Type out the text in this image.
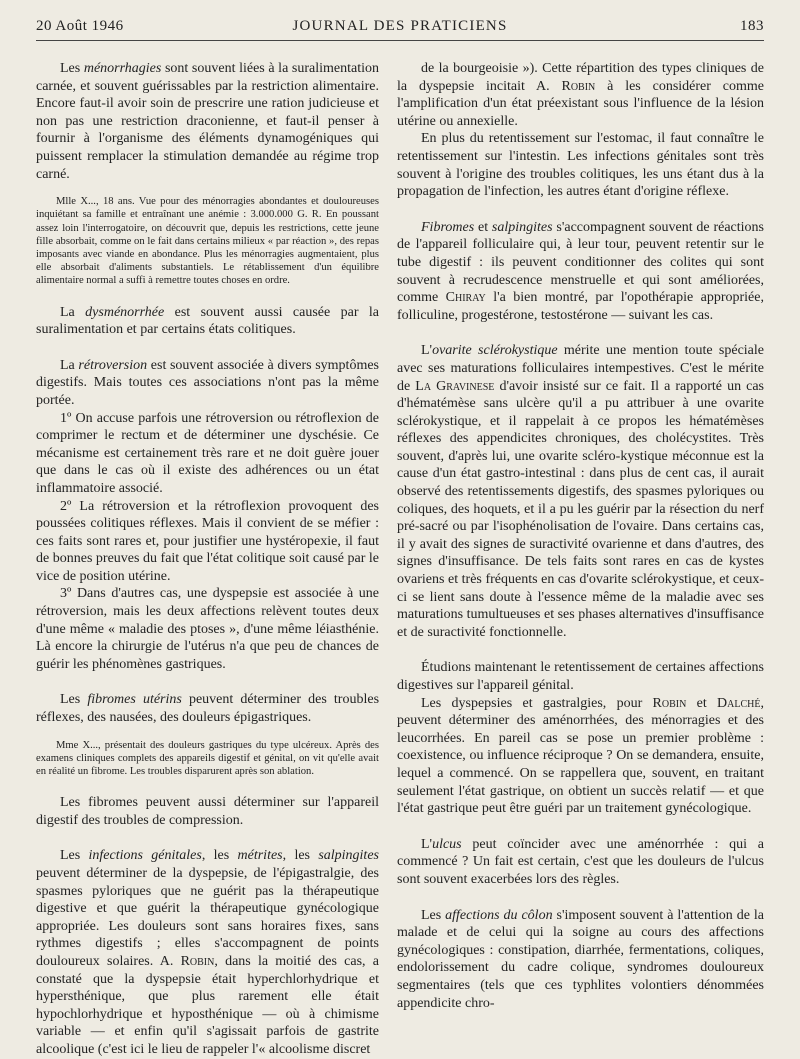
20 Août 1946	JOURNAL DES PRATICIENS	183

Les ménorrhagies sont souvent liées à la suralimentation carnée, et souvent guérissables par la restriction alimentaire. Encore faut-il avoir soin de prescrire une ration judicieuse et non pas une restriction draconienne, et faut-il penser à fournir à l'organisme des éléments dynamogéniques qui puissent remplacer la stimulation demandée au régime trop carné.

Mlle X..., 18 ans. Vue pour des ménorragies abondantes et douloureuses inquiétant sa famille et entraînant une anémie : 3.000.000 G. R. En poussant assez loin l'interrogatoire, on découvrit que, depuis les restrictions, cette jeune fille absorbait, comme on le fait dans certains milieux « par réaction », des repas imposants avec viande en abondance. Plus les ménorragies augmentaient, plus elle absorbait d'aliments substantiels. Le rétablissement d'un équilibre alimentaire normal a suffi à remettre toutes choses en ordre.

La dysménorrhée est souvent aussi causée par la suralimentation et par certains états colitiques.

La rétroversion est souvent associée à divers symptômes digestifs. Mais toutes ces associations n'ont pas la même portée.

1º On accuse parfois une rétroversion ou rétroflexion de comprimer le rectum et de déterminer une dyschésie. Ce mécanisme est certainement très rare et ne doit guère jouer que dans le cas où il existe des adhérences ou un état inflammatoire associé.

2º La rétroversion et la rétroflexion provoquent des poussées colitiques réflexes. Mais il convient de se méfier : ces faits sont rares et, pour justifier une hystéropexie, il faut de bonnes preuves du fait que l'état colitique soit causé par le vice de position utérine.

3º Dans d'autres cas, une dyspepsie est associée à une rétroversion, mais les deux affections relèvent toutes deux d'une même « maladie des ptoses », d'une même léiasthénie. Là encore la chirurgie de l'utérus n'a que peu de chances de guérir les phénomènes gastriques.

Les fibromes utérins peuvent déterminer des troubles réflexes, des nausées, des douleurs épigastriques.

Mme X..., présentait des douleurs gastriques du type ulcéreux. Après des examens cliniques complets des appareils digestif et génital, on vit qu'elle avait en réalité un fibrome. Les troubles disparurent après son ablation.

Les fibromes peuvent aussi déterminer sur l'appareil digestif des troubles de compression.

Les infections génitales, les métrites, les salpingites peuvent déterminer de la dyspepsie, de l'épigastralgie, des spasmes pyloriques que ne guérit pas la thérapeutique digestive et que guérit la thérapeutique gynécologique appropriée. Les douleurs sont sans horaires fixes, sans rythmes digestifs ; elles s'accompagnent de points douloureux solaires. A. Robin, dans la moitié des cas, a constaté que la dyspepsie était hyperchlorhydrique et hypersthénique, que plus rarement elle était hypochlorhydrique et hyposthénique — où à chimisme variable — et enfin qu'il s'agissait parfois de gastrite alcoolique (c'est ici le lieu de rappeler l'« alcoolisme discret

de la bourgeoisie »). Cette répartition des types cliniques de la dyspepsie incitait A. Robin à les considérer comme l'amplification d'un état préexistant sous l'influence de la lésion utérine ou annexielle.

En plus du retentissement sur l'estomac, il faut connaître le retentissement sur l'intestin. Les infections génitales sont très souvent à l'origine des troubles colitiques, les uns étant dus à la propagation de l'infection, les autres étant d'origine réflexe.

Fibromes et salpingites s'accompagnent souvent de réactions de l'appareil folliculaire qui, à leur tour, peuvent retentir sur le tube digestif : ils peuvent conditionner des colites qui sont souvent à recrudescence menstruelle et qui sont améliorées, comme Chiray l'a bien montré, par l'opothérapie appropriée, folliculine, progestérone, testostérone — suivant les cas.

L'ovarite sclérokystique mérite une mention toute spéciale avec ses maturations folliculaires intempestives. C'est le mérite de La Gravinese d'avoir insisté sur ce fait. Il a rapporté un cas d'hématémèse sans ulcère qu'il a pu attribuer à une ovarite sclérokystique, et il rappelait à ce propos les hématémèses réflexes des appendicites chroniques, des cholécystites. Très souvent, d'après lui, une ovarite scléro-kystique méconnue est la cause d'un état gastro-intestinal : dans plus de cent cas, il aurait observé des retentissements digestifs, des spasmes pyloriques ou coliques, des hoquets, et il a pu les guérir par la résection du nerf pré-sacré ou par l'isophénolisation de l'ovaire. Dans certains cas, il y avait des signes de suractivité ovarienne et dans d'autres, des signes d'insuffisance. De tels faits sont rares en cas de kystes ovariens et très fréquents en cas d'ovarite sclérokystique, et ceux-ci se lient sans doute à l'essence même de la maladie avec ses maturations tumultueuses et ses phases alternatives d'insuffisance et de suractivité fonctionnelle.

Étudions maintenant le retentissement de certaines affections digestives sur l'appareil génital.

Les dyspepsies et gastralgies, pour Robin et Dalché, peuvent déterminer des aménorrhées, des ménorragies et des leucorrhées. En pareil cas se pose un premier problème : coexistence, ou influence réciproque ? On se demandera, ensuite, lequel a commencé. On se rappellera que, souvent, en traitant seulement l'état gastrique, on obtient un succès relatif — et que l'état gastrique peut être guéri par un traitement gynécologique.

L'ulcus peut coïncider avec une aménorrhée : qui a commencé ? Un fait est certain, c'est que les douleurs de l'ulcus sont souvent exacerbées lors des règles.

Les affections du côlon s'imposent souvent à l'attention de la malade et de celui qui la soigne au cours des affections gynécologiques : constipation, diarrhée, fermentations, coliques, endolorissement du cadre colique, syndromes douloureux segmentaires (tels que ces typhlites volontiers dénommées appendicite chro-
